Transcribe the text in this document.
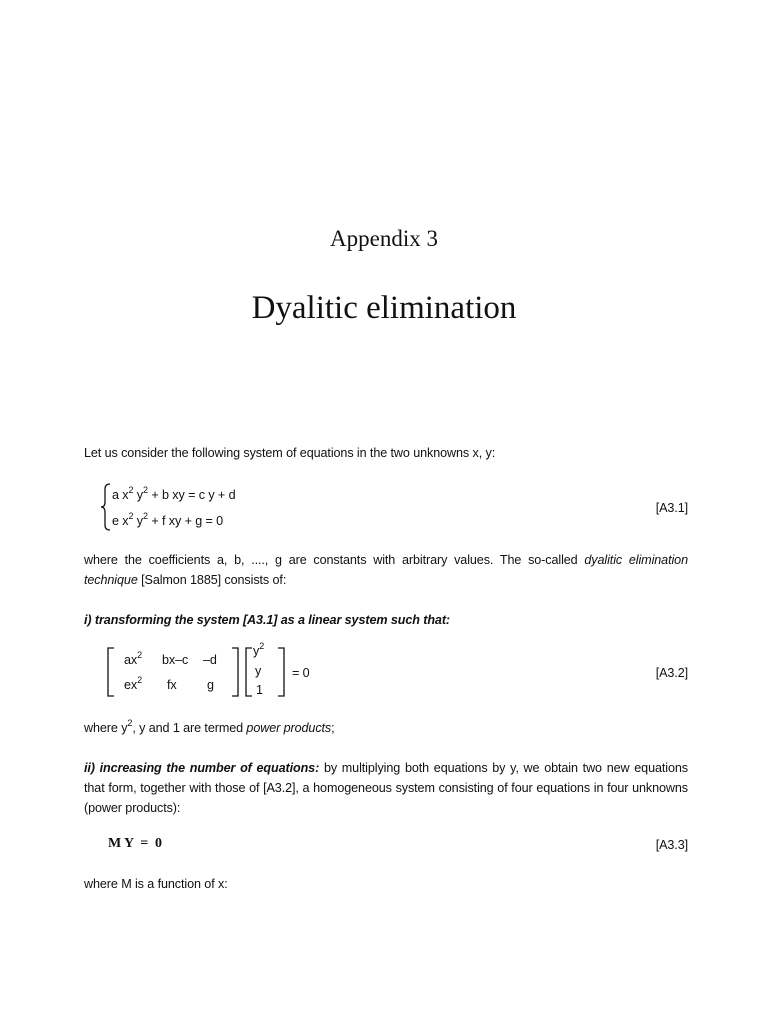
Appendix 3
Dyalitic elimination
Let us consider the following system of equations in the two unknowns x, y:
a $x^2$ $y^2 + b$ xy = c y + d
e $x^2$ $y^2 + f$ xy + g = 0
[A3.1]
where the coefficients a, b, ...., g are constants with arbitrary values. The so-called dyalitic elimination technique [Salmon 1885] consists of:
i) transforming the system [A3.1] as a linear system such that:
$ax^2$ bx–c –d
$ex^2$ fx g
$y^2$
y
1
= 0	[A3.2]
where $y^2$, y and 1 are termed power products;
ii) increasing the number of equations: by multiplying both equations by y, we obtain two new equations that form, together with those of [A3.2], a homogeneous system consisting of four equations in four unknowns (power products):
M Y  =  0	[A3.3]
where M is a function of x:
